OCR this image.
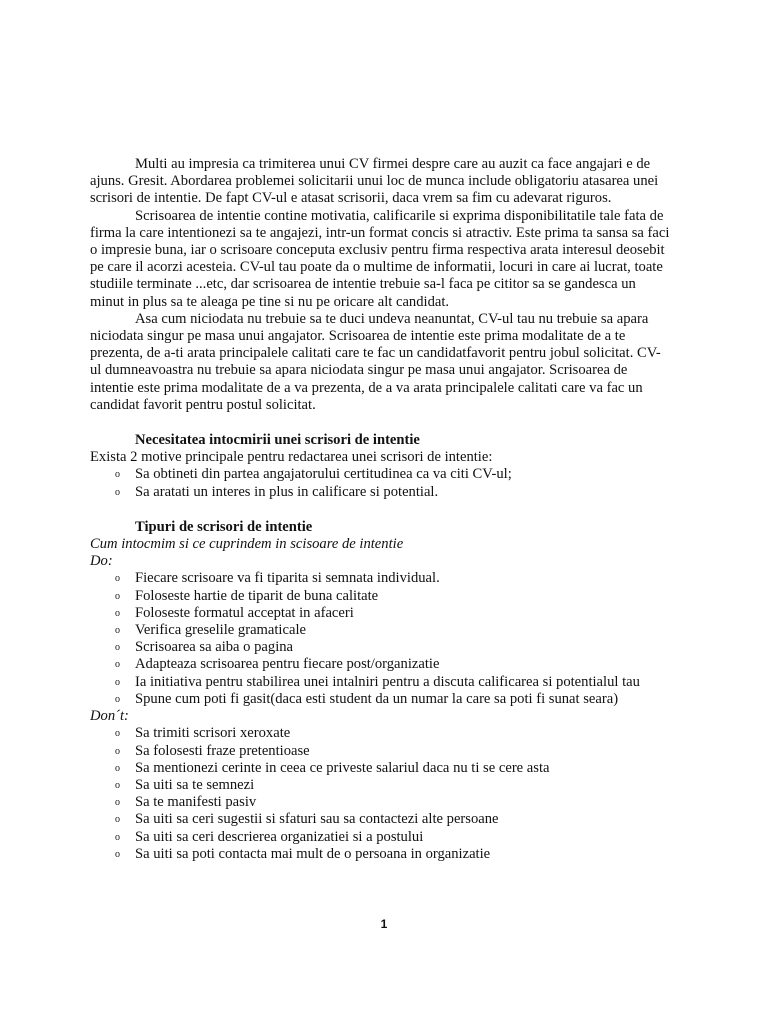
Multi au impresia ca trimiterea unui CV firmei despre care au auzit ca face angajari e de ajuns. Gresit. Abordarea problemei solicitarii unui loc de munca include obligatoriu atasarea unei scrisori de intentie. De fapt CV-ul e atasat scrisorii, daca vrem sa fim cu adevarat riguros.

Scrisoarea de intentie contine motivatia, calificarile si exprima disponibilitatile tale fata de firma la care intentionezi sa te angajezi, intr-un format concis si atractiv. Este prima ta sansa sa faci o impresie buna, iar o scrisoare conceputa exclusiv pentru firma respectiva arata interesul deosebit pe care il acorzi acesteia. CV-ul tau poate da o multime de informatii, locuri in care ai lucrat, toate studiile terminate ...etc, dar scrisoarea de intentie trebuie sa-l faca pe cititor sa se gandesca un minut in plus sa te aleaga pe tine si nu pe oricare alt candidat.

Asa cum niciodata nu trebuie sa te duci undeva neanuntat, CV-ul tau nu trebuie sa apara niciodata singur pe masa unui angajator. Scrisoarea de intentie este prima modalitate de a te prezenta, de a-ti arata principalele calitati care te fac un candidatfavorit pentru jobul solicitat. CV-ul dumneavoastra nu trebuie sa apara niciodata singur pe masa unui angajator. Scrisoarea de intentie este prima modalitate de a va prezenta, de a va arata principalele calitati care va fac un candidat favorit pentru postul solicitat.

Necesitatea intocmirii unei scrisori de intentie

Exista 2 motive principale pentru redactarea unei scrisori de intentie:

o Sa obtineti din partea angajatorului certitudinea ca va citi CV-ul;
o Sa aratati un interes in plus in calificare si potential.

Tipuri de scrisori de intentie

Cum intocmim si ce cuprindem in scisoare de intentie

Do:

o Fiecare scrisoare va fi tiparita si semnata individual.
o Foloseste hartie de tiparit de buna calitate
o Foloseste formatul acceptat in afaceri
o Verifica greselile gramaticale
o Scrisoarea sa aiba o pagina
o Adapteaza scrisoarea pentru fiecare post/organizatie
o Ia initiativa pentru stabilirea unei intalniri pentru a discuta calificarea si potentialul tau
o Spune cum poti fi gasit(daca esti student da un numar la care sa poti fi sunat seara)

Don´t:

o Sa trimiti scrisori xeroxate
o Sa folosesti fraze pretentioase
o Sa mentionezi cerinte in ceea ce priveste salariul daca nu ti se cere asta
o Sa uiti sa te semnezi
o Sa te manifesti pasiv
o Sa uiti sa ceri sugestii si sfaturi sau sa contactezi alte persoane
o Sa uiti sa ceri descrierea organizatiei si a postului
o Sa uiti sa poti contacta mai mult de o persoana in organizatie
1
